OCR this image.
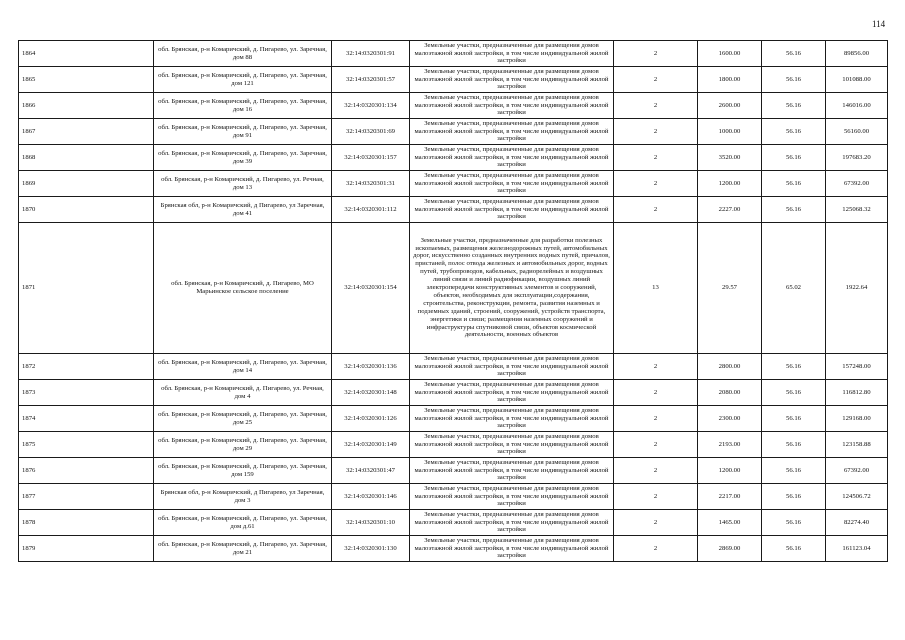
114
1864	обл. Брянская, р-н Комаричский, д. Пигарево, ул. Заречная, дом 88	32:14:0320301:91	Земельные участки, предназначенные для размещения домов малоэтажной жилой застройки, в том числе индивидуальной жилой застройки	2	1600.00	56.16	89856.00
1865	обл. Брянская, р-н Комаричский, д. Пигарево, ул. Заречная, дом 121	32:14:0320301:57	Земельные участки, предназначенные для размещения домов малоэтажной жилой застройки, в том числе индивидуальной жилой застройки	2	1800.00	56.16	101088.00
1866	обл. Брянская, р-н Комаричский, д. Пигарево, ул. Заречная, дом 16	32:14:0320301:134	Земельные участки, предназначенные для размещения домов малоэтажной жилой застройки, в том числе индивидуальной жилой застройки	2	2600.00	56.16	146016.00
1867	обл. Брянская, р-н Комаричский, д. Пигарево, ул. Заречная, дом 91	32:14:0320301:69	Земельные участки, предназначенные для размещения домов малоэтажной жилой застройки, в том числе индивидуальной жилой застройки	2	1000.00	56.16	56160.00
1868	обл. Брянская, р-н Комаричский, д. Пигарево, ул. Заречная, дом 39	32:14:0320301:157	Земельные участки, предназначенные для размещения домов малоэтажной жилой застройки, в том числе индивидуальной жилой застройки	2	3520.00	56.16	197683.20
1869	обл. Брянская, р-н Комаричский, д. Пигарево, ул. Речная, дом 13	32:14:0320301:31	Земельные участки, предназначенные для размещения домов малоэтажной жилой застройки, в том числе индивидуальной жилой застройки	2	1200.00	56.16	67392.00
1870	Брянская обл, р-н Комаричский, д Пигарево, ул Заречная, дом 41	32:14:0320301:112	Земельные участки, предназначенные для размещения домов малоэтажной жилой застройки, в том числе индивидуальной жилой застройки	2	2227.00	56.16	125068.32
1871	обл. Брянская, р-н Комаричский, д. Пигарево, МО Марьинское сельское поселение	32:14:0320301:154	Земельные участки, предназначенные для разработки полезных ископаемых, размещения железнодорожных путей, автомобильных дорог, искусственно созданных внутренних водных путей, причалов, пристаней, полос отвода железных и автомобильных дорог, водных путей, трубопроводов, кабельных, радиорелейных и воздушных линий связи и линий радиофикации, воздушных линий электропередачи конструктивных элементов и сооружений, объектов, необходимых для эксплуатации,содержания, строительства, реконструкции, ремонта, развития наземных и подземных зданий, строений, сооружений, устройств транспорта, энергетики и связи; размещения наземных сооружений и инфраструктуры спутниковой связи, объектов космической деятельности, военных объектов	13	29.57	65.02	1922.64
1872	обл. Брянская, р-н Комаричский, д. Пигарево, ул. Заречная, дом 14	32:14:0320301:136	Земельные участки, предназначенные для размещения домов малоэтажной жилой застройки, в том числе индивидуальной жилой застройки	2	2800.00	56.16	157248.00
1873	обл. Брянская, р-н Комаричский, д. Пигарево, ул. Речная, дом 4	32:14:0320301:148	Земельные участки, предназначенные для размещения домов малоэтажной жилой застройки, в том числе индивидуальной жилой застройки	2	2080.00	56.16	116812.80
1874	обл. Брянская, р-н Комаричский, д. Пигарево, ул. Заречная, дом 25	32:14:0320301:126	Земельные участки, предназначенные для размещения домов малоэтажной жилой застройки, в том числе индивидуальной жилой застройки	2	2300.00	56.16	129168.00
1875	обл. Брянская, р-н Комаричский, д. Пигарево, ул. Заречная, дом 29	32:14:0320301:149	Земельные участки, предназначенные для размещения домов малоэтажной жилой застройки, в том числе индивидуальной жилой застройки	2	2193.00	56.16	123158.88
1876	обл. Брянская, р-н Комаричский, д. Пигарево, ул. Заречная, дом 159	32:14:0320301:47	Земельные участки, предназначенные для размещения домов малоэтажной жилой застройки, в том числе индивидуальной жилой застройки	2	1200.00	56.16	67392.00
1877	Брянская обл, р-н Комаричский, д Пигарево, ул Заречная, дом 3	32:14:0320301:146	Земельные участки, предназначенные для размещения домов малоэтажной жилой застройки, в том числе индивидуальной жилой застройки	2	2217.00	56.16	124506.72
1878	обл. Брянская, р-н Комаричский, д. Пигарево, ул. Заречная, дом д.61	32:14:0320301:10	Земельные участки, предназначенные для размещения домов малоэтажной жилой застройки, в том числе индивидуальной жилой застройки	2	1465.00	56.16	82274.40
1879	обл. Брянская, р-н Комаричский, д. Пигарево, ул. Заречная, дом 21	32:14:0320301:130	Земельные участки, предназначенные для размещения домов малоэтажной жилой застройки, в том числе индивидуальной жилой застройки	2	2869.00	56.16	161123.04
